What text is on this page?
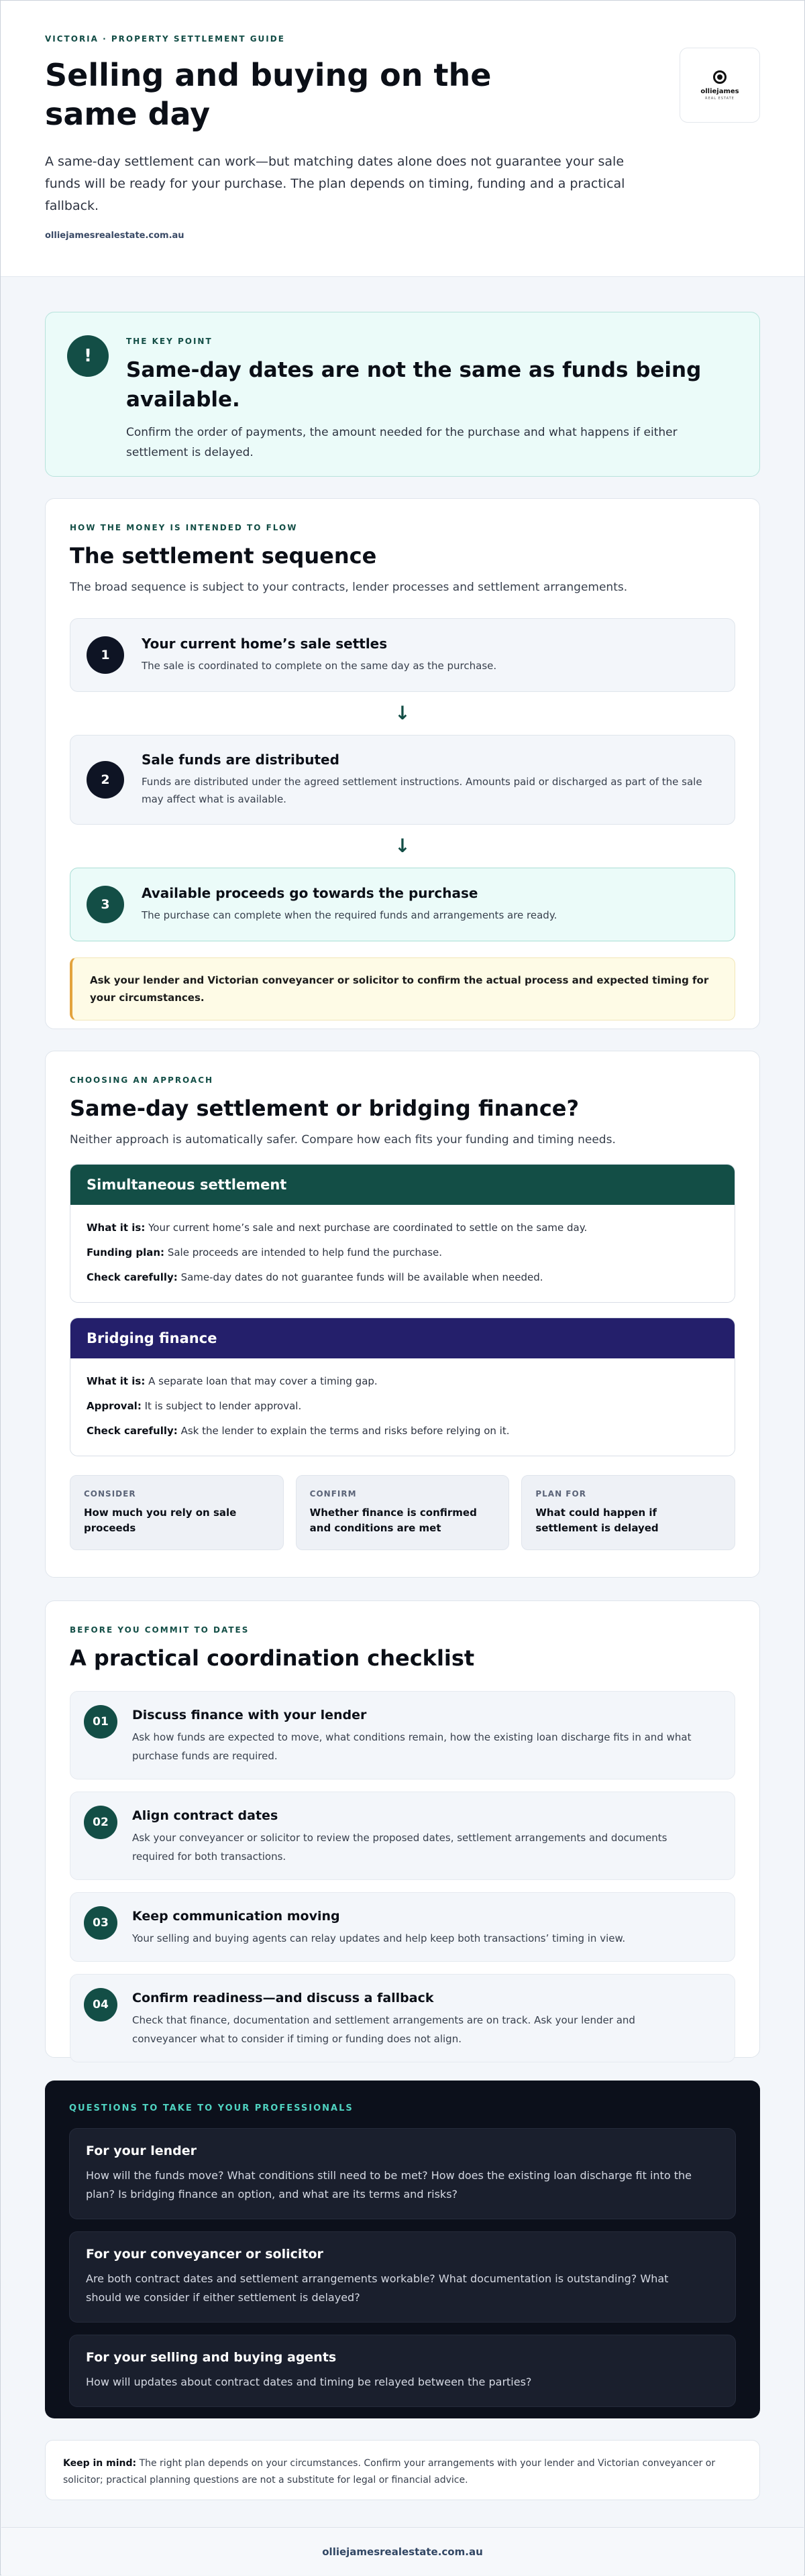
VICTORIA · PROPERTY SETTLEMENT GUIDE
Selling and buying on the same day

A same-day settlement can work—but matching dates alone does not guarantee your sale funds will be ready for your purchase. The plan depends on timing, funding and a practical fallback.

olliejamesrealestate.com.au
olliejames
REAL ESTATE
!
THE KEY POINT
Same-day dates are not the same as funds being available.

Confirm the order of payments, the amount needed for the purchase and what happens if either settlement is delayed.

HOW THE MONEY IS INTENDED TO FLOW
The settlement sequence

The broad sequence is subject to your contracts, lender processes and settlement arrangements.

1
Your current home’s sale settles

The sale is coordinated to complete on the same day as the purchase.

↓
2
Sale funds are distributed

Funds are distributed under the agreed settlement instructions. Amounts paid or discharged as part of the sale may affect what is available.

↓
3
Available proceeds go towards the purchase

The purchase can complete when the required funds and arrangements are ready.

Ask your lender and Victorian conveyancer or solicitor to confirm the actual process and expected timing for your circumstances.
CHOOSING AN APPROACH
Same-day settlement or bridging finance?

Neither approach is automatically safer. Compare how each fits your funding and timing needs.

Simultaneous settlement

What it is: Your current home’s sale and next purchase are coordinated to settle on the same day.

Funding plan: Sale proceeds are intended to help fund the purchase.

Check carefully: Same-day dates do not guarantee funds will be available when needed.

Bridging finance

What it is: A separate loan that may cover a timing gap.

Approval: It is subject to lender approval.

Check carefully: Ask the lender to explain the terms and risks before relying on it.

CONSIDER
How much you rely on sale proceeds
CONFIRM
Whether finance is confirmed and conditions are met
PLAN FOR
What could happen if settlement is delayed
BEFORE YOU COMMIT TO DATES
A practical coordination checklist
01	Discuss finance with your lender

Ask how funds are expected to move, what conditions remain, how the existing loan discharge fits in and what purchase funds are required.

02	Align contract dates

Ask your conveyancer or solicitor to review the proposed dates, settlement arrangements and documents required for both transactions.

03	Keep communication moving

Your selling and buying agents can relay updates and help keep both transactions’ timing in view.

04	Confirm readiness—and discuss a fallback

Check that finance, documentation and settlement arrangements are on track. Ask your lender and conveyancer what to consider if timing or funding does not align.

QUESTIONS TO TAKE TO YOUR PROFESSIONALS
For your lender

How will the funds move? What conditions still need to be met? How does the existing loan discharge fit into the plan? Is bridging finance an option, and what are its terms and risks?

For your conveyancer or solicitor

Are both contract dates and settlement arrangements workable? What documentation is outstanding? What should we consider if either settlement is delayed?

For your selling and buying agents

How will updates about contract dates and timing be relayed between the parties?

Keep in mind: The right plan depends on your circumstances. Confirm your arrangements with your lender and Victorian conveyancer or solicitor; practical planning questions are not a substitute for legal or financial advice.
olliejamesrealestate.com.au
